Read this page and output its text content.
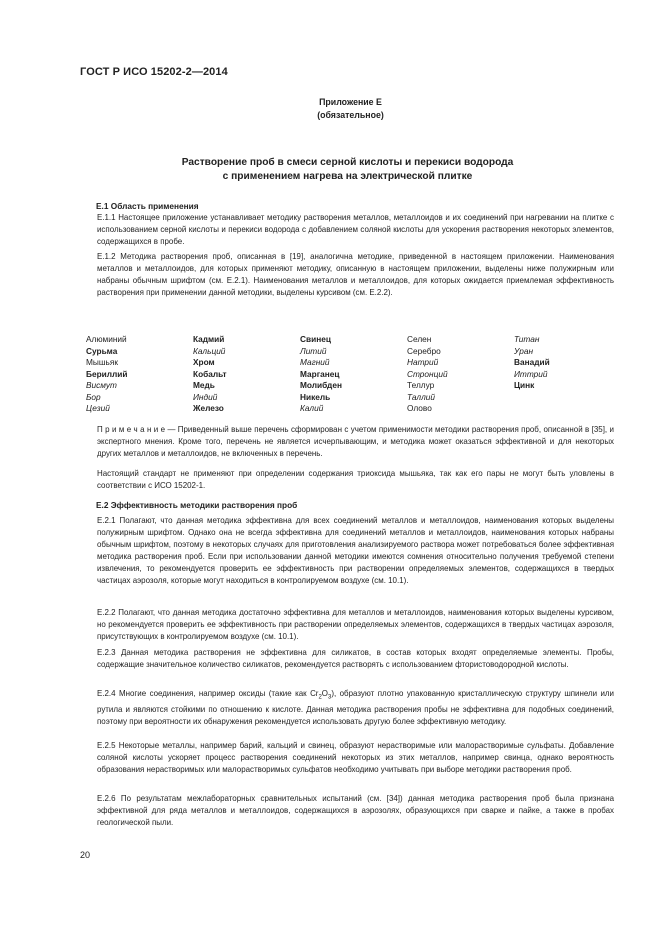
ГОСТ Р ИСО 15202-2—2014
Приложение Е
(обязательное)
Растворение проб в смеси серной кислоты и перекиси водорода
с применением нагрева на электрической плитке
Е.1 Область применения
Е.1.1 Настоящее приложение устанавливает методику растворения металлов, металлоидов и их соединений при нагревании на плитке с использованием серной кислоты и перекиси водорода с добавлением соляной кислоты для ускорения растворения некоторых элементов, содержащихся в пробе.
Е.1.2 Методика растворения проб, описанная в [19], аналогична методике, приведенной в настоящем приложении. Наименования металлов и металлоидов, для которых применяют методику, описанную в настоящем приложении, выделены ниже полужирным или набраны обычным шрифтом (см. Е.2.1). Наименования металлов и металлоидов, для которых ожидается приемлемая эффективность растворения при применении данной методики, выделены курсивом (см. Е.2.2).
Алюминий
Сурьма
Мышьяк
Бериллий
Висмут
Бор
Цезий
Кадмий
Кальций
Хром
Кобальт
Медь
Индий
Железо
Свинец
Литий
Магний
Марганец
Молибден
Никель
Калий
Селен
Серебро
Натрий
Стронций
Теллур
Таллий
Олово
Титан
Уран
Ванадий
Иттрий
Цинк
П р и м е ч а н и е — Приведенный выше перечень сформирован с учетом применимости методики растворения проб, описанной в [35], и экспертного мнения. Кроме того, перечень не является исчерпывающим, и методика может оказаться эффективной и для некоторых других металлов и металлоидов, не включенных в перечень.
Настоящий стандарт не применяют при определении содержания триоксида мышьяка, так как его пары не могут быть уловлены в соответствии с ИСО 15202-1.
Е.2 Эффективность методики растворения проб
Е.2.1 Полагают, что данная методика эффективна для всех соединений металлов и металлоидов, наименования которых выделены полужирным шрифтом. Однако она не всегда эффективна для соединений металлов и металлоидов, наименования которых набраны обычным шрифтом, поэтому в некоторых случаях для приготовления анализируемого раствора может потребоваться более эффективная методика растворения проб. Если при использовании данной методики имеются сомнения относительно получения требуемой степени извлечения, то рекомендуется проверить ее эффективность при растворении определяемых элементов, содержащихся в твердых частицах аэрозоля, которые могут находиться в контролируемом воздухе (см. 10.1).
Е.2.2 Полагают, что данная методика достаточно эффективна для металлов и металлоидов, наименования которых выделены курсивом, но рекомендуется проверить ее эффективность при растворении определяемых элементов, содержащихся в твердых частицах аэрозоля, присутствующих в контролируемом воздухе (см. 10.1).
Е.2.3 Данная методика растворения не эффективна для силикатов, в состав которых входят определяемые элементы. Пробы, содержащие значительное количество силикатов, рекомендуется растворять с использованием фтористоводородной кислоты.
Е.2.4 Многие соединения, например оксиды (такие как $Cr_2O_3$), образуют плотно упакованную кристаллическую структуру шпинели или рутила и являются стойкими по отношению к кислоте. Данная методика растворения пробы не эффективна для подобных соединений, поэтому при вероятности их обнаружения рекомендуется использовать другую более эффективную методику.
Е.2.5 Некоторые металлы, например барий, кальций и свинец, образуют нерастворимые или малорастворимые сульфаты. Добавление соляной кислоты ускоряет процесс растворения соединений некоторых из этих металлов, например свинца, однако вероятность образования нерастворимых или малорастворимых сульфатов необходимо учитывать при выборе методики растворения проб.
Е.2.6 По результатам межлабораторных сравнительных испытаний (см. [34]) данная методика растворения проб была признана эффективной для ряда металлов и металлоидов, содержащихся в аэрозолях, образующихся при сварке и пайке, а также в пробах геологической пыли.
20
